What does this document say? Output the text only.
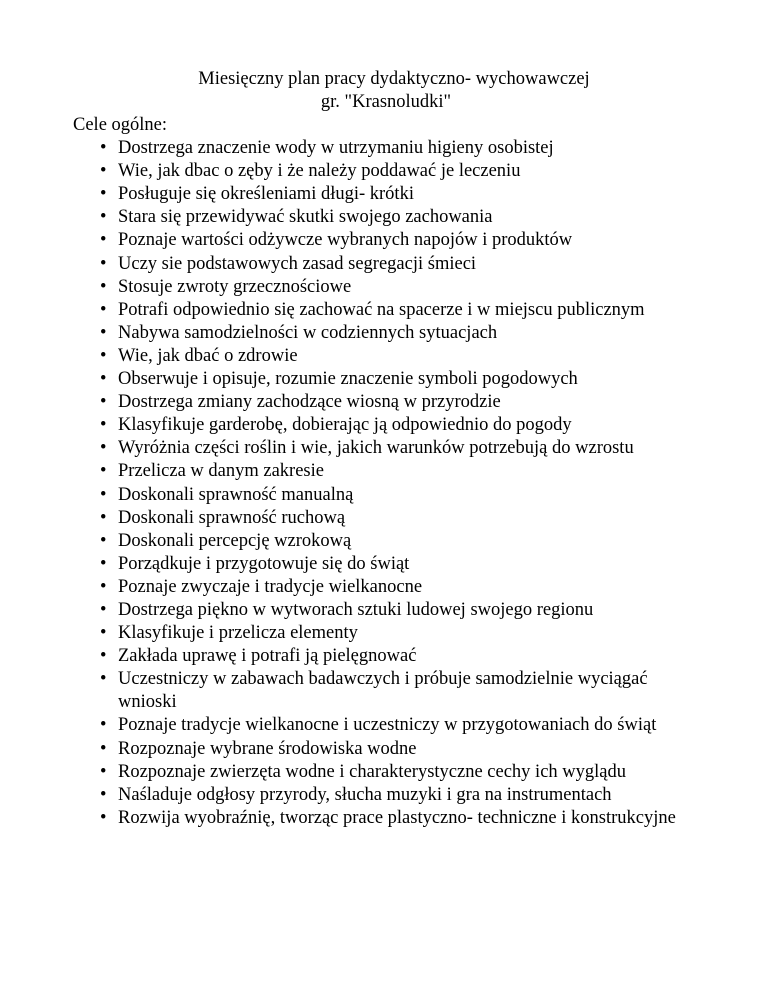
Miesięczny plan pracy dydaktyczno- wychowawczej
gr. "Krasnoludki"
Cele ogólne:
• Dostrzega znaczenie wody w utrzymaniu higieny osobistej
• Wie, jak dbac o zęby i że należy poddawać je leczeniu
• Posługuje się określeniami długi- krótki
• Stara się przewidywać skutki swojego zachowania
• Poznaje wartości odżywcze wybranych napojów i produktów
• Uczy sie podstawowych zasad segregacji śmieci
• Stosuje zwroty grzecznościowe
• Potrafi odpowiednio się zachować na spacerze i w miejscu publicznym
• Nabywa samodzielności w codziennych sytuacjach
• Wie, jak dbać o zdrowie
• Obserwuje i opisuje, rozumie znaczenie symboli pogodowych
• Dostrzega zmiany zachodzące wiosną w przyrodzie
• Klasyfikuje garderobę, dobierając ją odpowiednio do pogody
• Wyróżnia części roślin i wie, jakich warunków potrzebują do wzrostu
• Przelicza w danym zakresie
• Doskonali sprawność manualną
• Doskonali sprawność ruchową
• Doskonali percepcję wzrokową
• Porządkuje i przygotowuje się do świąt
• Poznaje zwyczaje i tradycje wielkanocne
• Dostrzega piękno w wytworach sztuki ludowej swojego regionu
• Klasyfikuje i przelicza elementy
• Zakłada uprawę i potrafi ją pielęgnować
• Uczestniczy w zabawach badawczych i próbuje samodzielnie wyciągać wnioski
• Poznaje tradycje wielkanocne i uczestniczy w przygotowaniach do świąt
• Rozpoznaje wybrane środowiska wodne
• Rozpoznaje zwierzęta wodne i charakterystyczne cechy ich wyglądu
• Naśladuje odgłosy przyrody, słucha muzyki i gra na instrumentach
• Rozwija wyobraźnię, tworząc prace plastyczno- techniczne i konstrukcyjne
